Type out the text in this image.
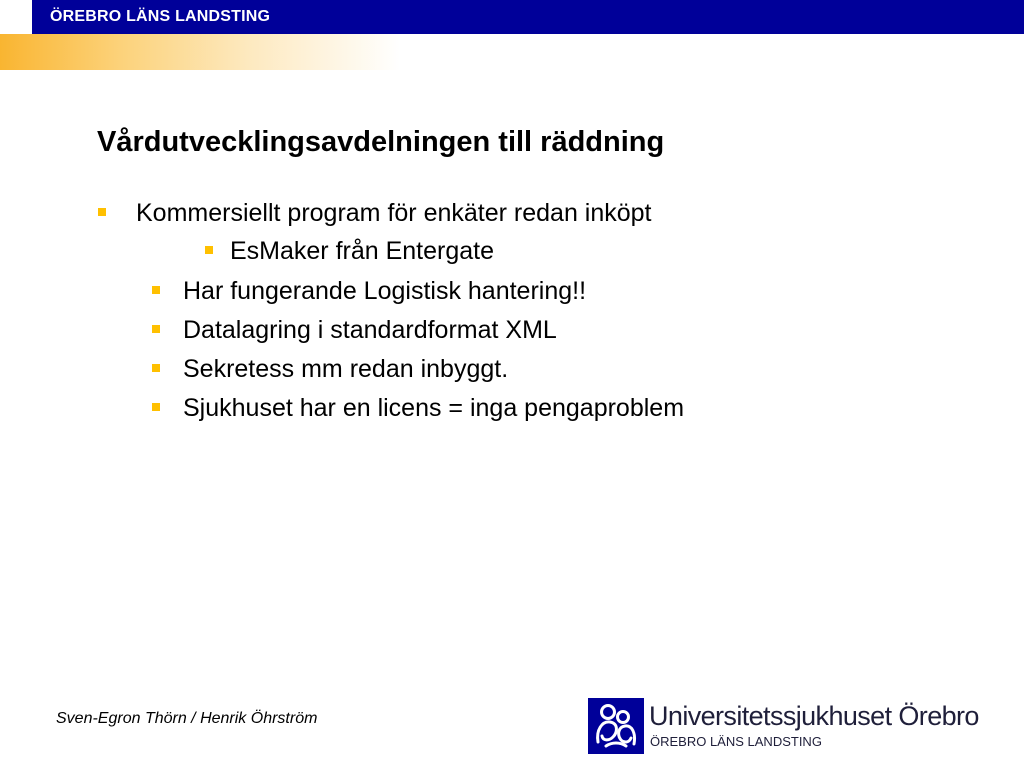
ÖREBRO LÄNS LANDSTING
Vårdutvecklingsavdelningen till räddning
Kommersiellt program för enkäter redan inköpt
EsMaker från Entergate
Har fungerande Logistisk hantering!!
Datalagring i standardformat XML
Sekretess mm redan inbyggt.
Sjukhuset har en licens = inga pengaproblem
Sven-Egron Thörn / Henrik Öhrström	Universitetssjukhuset Örebro
ÖREBRO LÄNS LANDSTING
